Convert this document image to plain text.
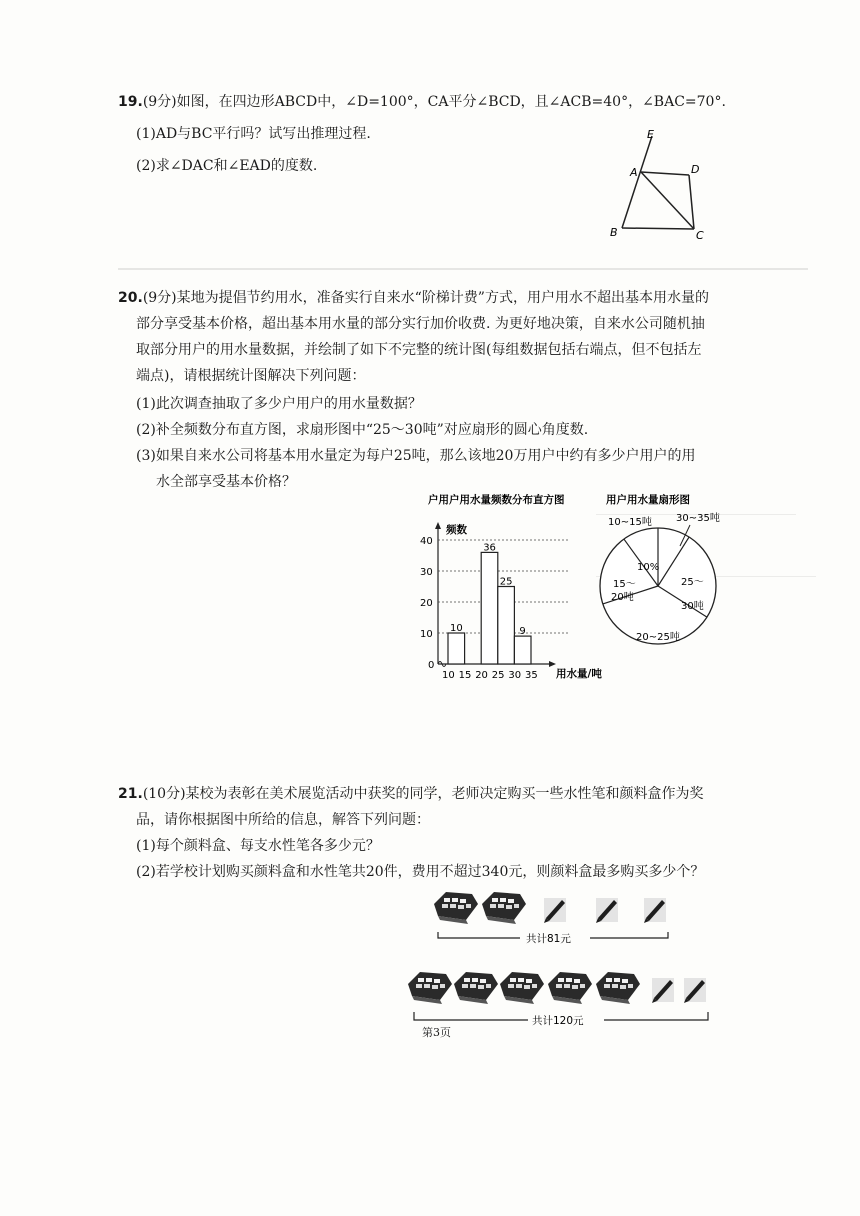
19.(9分)如图，在四边形ABCD中，∠D=100°，CA平分∠BCD，且∠ACB=40°，∠BAC=70°.
(1)AD与BC平行吗？试写出推理过程.
(2)求∠DAC和∠EAD的度数.
E
A	D
B	C
20.(9分)某地为提倡节约用水，准备实行自来水“阶梯计费”方式，用户用水不超出基本用水量的
部分享受基本价格，超出基本用水量的部分实行加价收费. 为更好地决策，自来水公司随机抽
取部分用户的用水量数据，并绘制了如下不完整的统计图(每组数据包括右端点，但不包括左
端点)，请根据统计图解决下列问题：
(1)此次调查抽取了多少户用户的用水量数据？
(2)补全频数分布直方图，求扇形图中“25～30吨”对应扇形的圆心角度数.
(3)如果自来水公司将基本用水量定为每户25吨，那么该地20万用户中约有多少户用户的用
水全部享受基本价格？
户用户用水量频数分布直方图
频数
用水量/吨
0
10
20
30
40
10 15 20 25 30 35
10
36
25
9
用户用水量扇形图
10~15吨 30~35吨
10%
25～
30吨
15～
20吨
20~25吨
21.(10分)某校为表彰在美术展览活动中获奖的同学，老师决定购买一些水性笔和颜料盒作为奖
品，请你根据图中所给的信息，解答下列问题：
(1)每个颜料盒、每支水性笔各多少元？
(2)若学校计划购买颜料盒和水性笔共20件，费用不超过340元，则颜料盒最多购买多少个？
共计81元
共计120元
第3页
